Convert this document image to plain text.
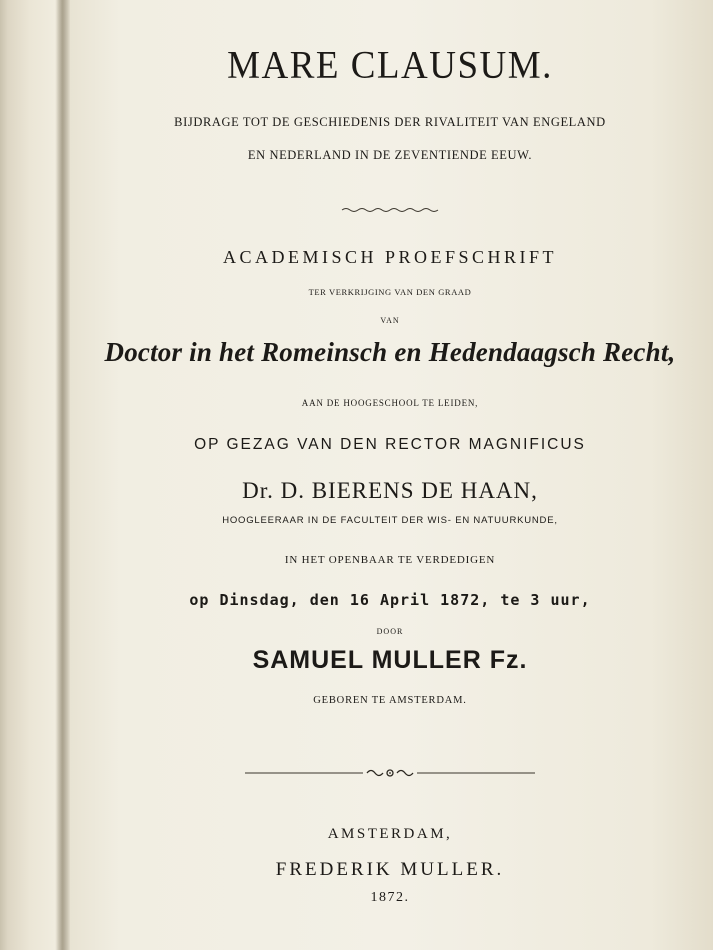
MARE CLAUSUM.
BIJDRAGE TOT DE GESCHIEDENIS DER RIVALITEIT VAN ENGELAND
EN NEDERLAND IN DE ZEVENTIENDE EEUW.
ACADEMISCH PROEFSCHRIFT
TER VERKRIJGING VAN DEN GRAAD
VAN
Doctor in het Romeinsch en Hedendaagsch Recht,
AAN DE HOOGESCHOOL TE LEIDEN,
OP GEZAG VAN DEN RECTOR MAGNIFICUS
Dr. D. BIERENS DE HAAN,
HOOGLEERAAR IN DE FACULTEIT DER WIS- EN NATUURKUNDE,
IN HET OPENBAAR TE VERDEDIGEN
op Dinsdag, den 16 April 1872, te 3 uur,
DOOR
SAMUEL MULLER Fz.
GEBOREN TE AMSTERDAM.
AMSTERDAM,
FREDERIK MULLER.
1872.
